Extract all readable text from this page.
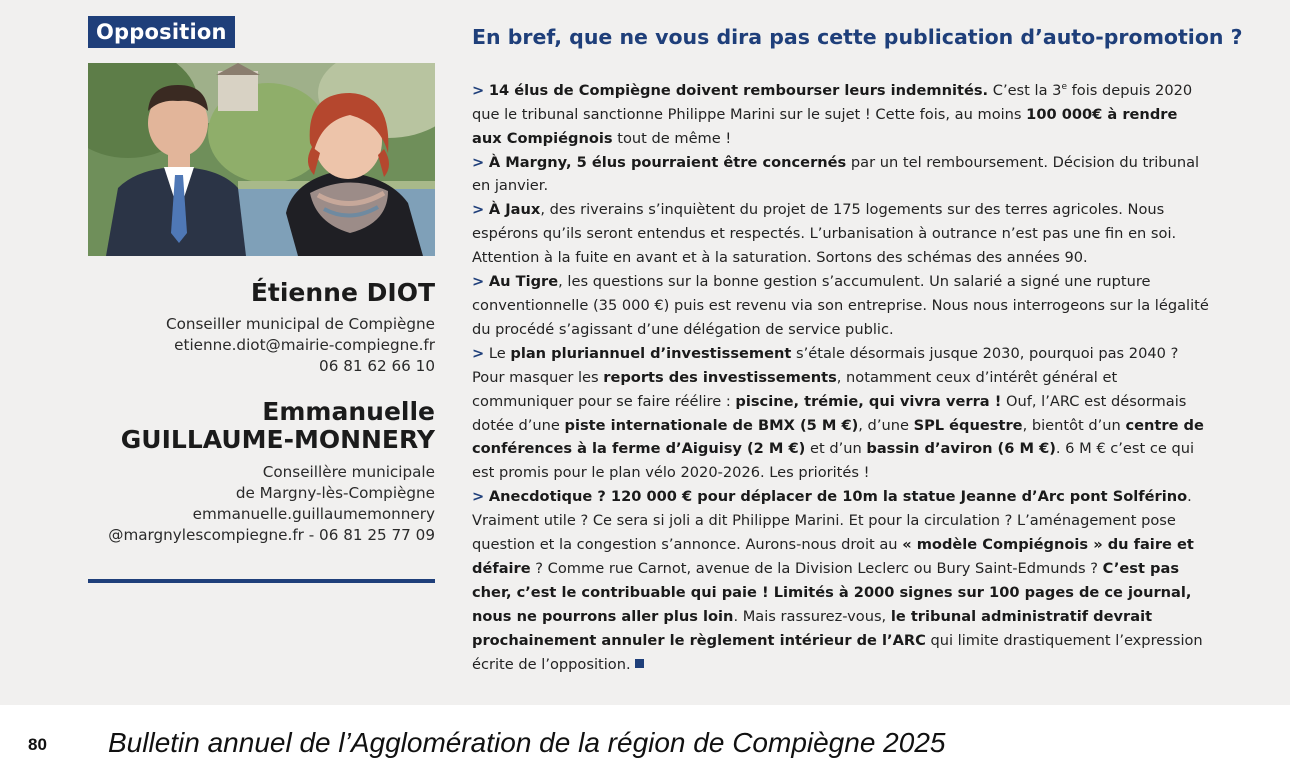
Opposition
Étienne DIOT
Conseiller municipal de Compiègne
etienne.diot@mairie-compiegne.fr
06 81 62 66 10
Emmanuelle
GUILLAUME-MONNERY
Conseillère municipale
de Margny-lès-Compiègne
emmanuelle.guillaumemonnery
@margnylescompiegne.fr - 06 81 25 77 09
En bref, que ne vous dira pas cette publication d’auto-promotion ?
> 14 élus de Compiègne doivent rembourser leurs indemnités. C’est la 3e fois depuis 2020 que le tribunal sanctionne Philippe Marini sur le sujet ! Cette fois, au moins 100 000€ à rendre aux Compiégnois tout de même !
> À Margny, 5 élus pourraient être concernés par un tel remboursement. Décision du tribunal en janvier.
> À Jaux, des riverains s’inquiètent du projet de 175 logements sur des terres agricoles. Nous espérons qu’ils seront entendus et respectés. L’urbanisation à outrance n’est pas une fin en soi. Attention à la fuite en avant et à la saturation. Sortons des schémas des années 90.
> Au Tigre, les questions sur la bonne gestion s’accumulent. Un salarié a signé une rupture conventionnelle (35 000 €) puis est revenu via son entreprise. Nous nous interrogeons sur la légalité du procédé s’agissant d’une délégation de service public.
> Le plan pluriannuel d’investissement s’étale désormais jusque 2030, pourquoi pas 2040 ? Pour masquer les reports des investissements, notamment ceux d’intérêt général et communiquer pour se faire réélire : piscine, trémie, qui vivra verra ! Ouf, l’ARC est désormais dotée d’une piste internationale de BMX (5 M €), d’une SPL équestre, bientôt d’un centre de conférences à la ferme d’Aiguisy (2 M €) et d’un bassin d’aviron (6 M €). 6 M € c’est ce qui est promis pour le plan vélo 2020-2026. Les priorités !
> Anecdotique ? 120 000 € pour déplacer de 10m la statue Jeanne d’Arc pont Solférino. Vraiment utile ? Ce sera si joli a dit Philippe Marini. Et pour la circulation ? L’aménagement pose question et la congestion s’annonce. Aurons-nous droit au « modèle Compiégnois » du faire et défaire ? Comme rue Carnot, avenue de la Division Leclerc ou Bury Saint-Edmunds ? C’est pas cher, c’est le contribuable qui paie ! Limités à 2000 signes sur 100 pages de ce journal, nous ne pourrons aller plus loin. Mais rassurez-vous, le tribunal administratif devrait prochainement annuler le règlement intérieur de l’ARC qui limite drastiquement l’expression écrite de l’opposition.
80 Bulletin annuel de l’Agglomération de la région de Compiègne 2025
